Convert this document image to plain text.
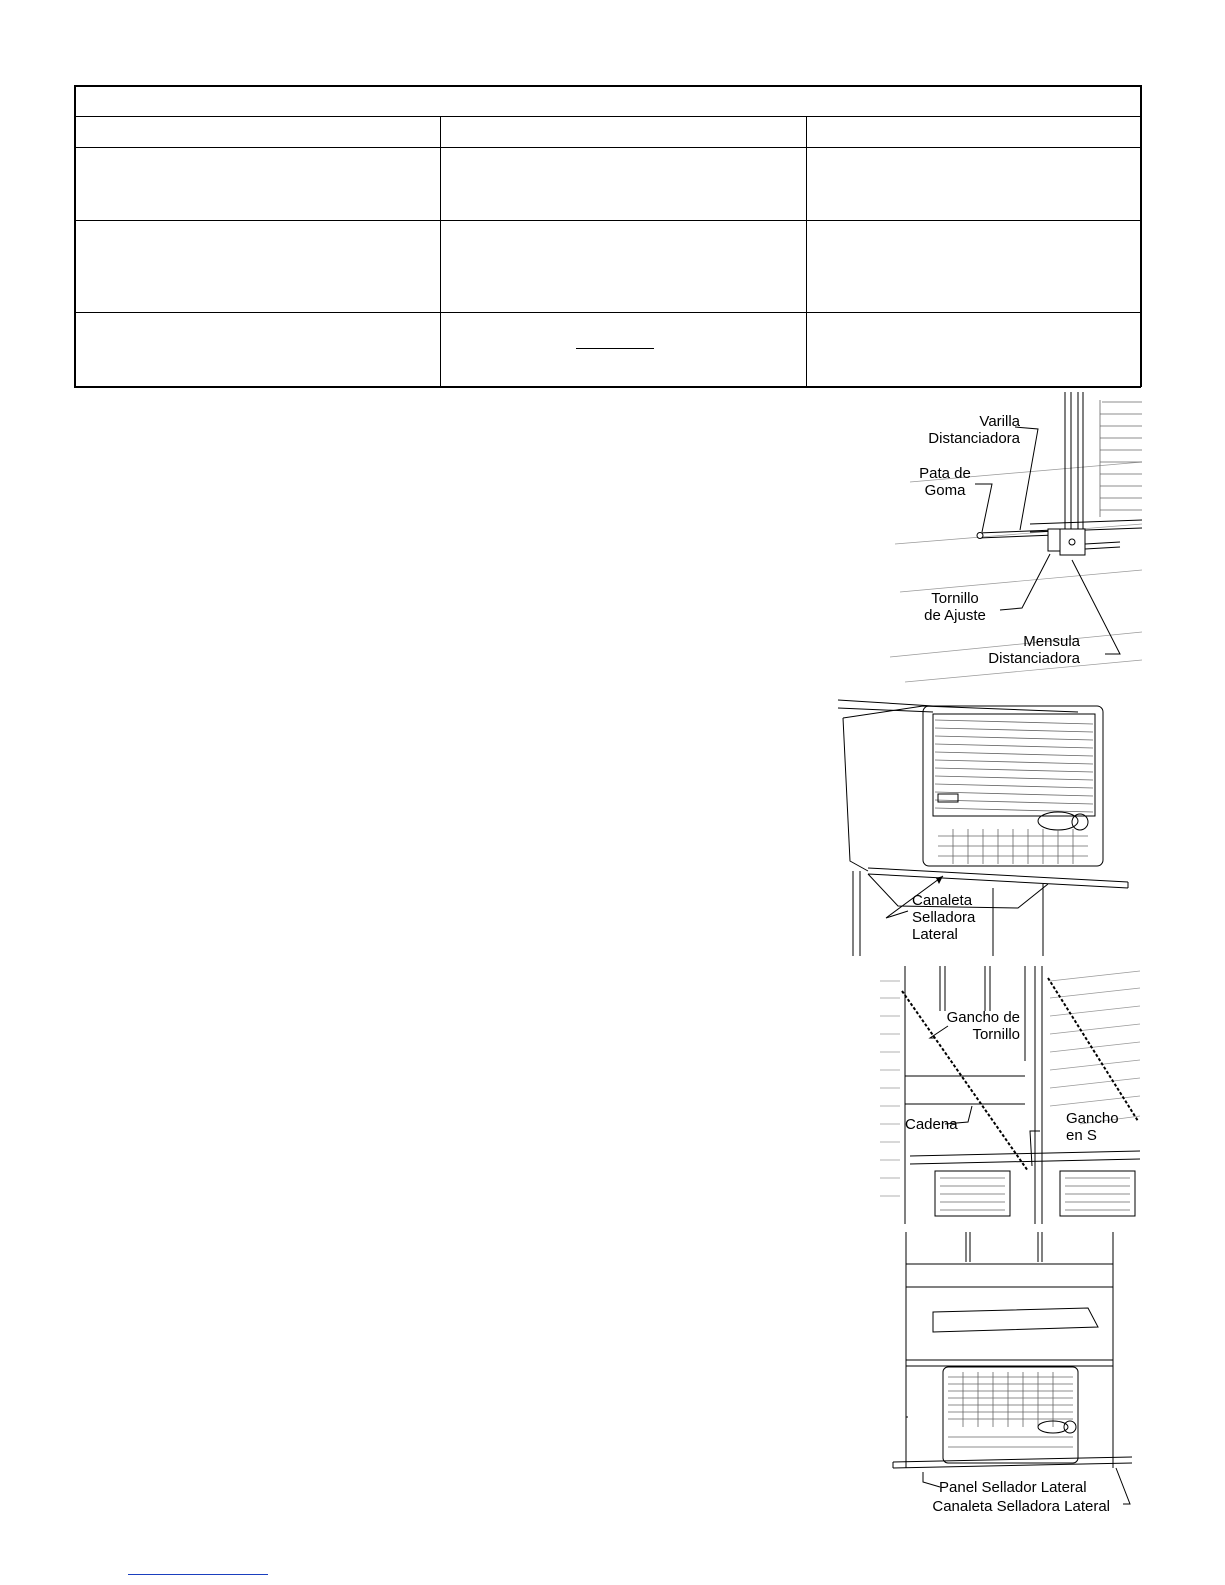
Varilla
Distanciadora
Pata de
Goma
Tornillo
de Ajuste
Mensula
Distanciadora
Canaleta
Selladora
Lateral
Gancho de
Tornillo
Cadena	Gancho
en S
Panel Sellador Lateral
Canaleta Selladora Lateral
